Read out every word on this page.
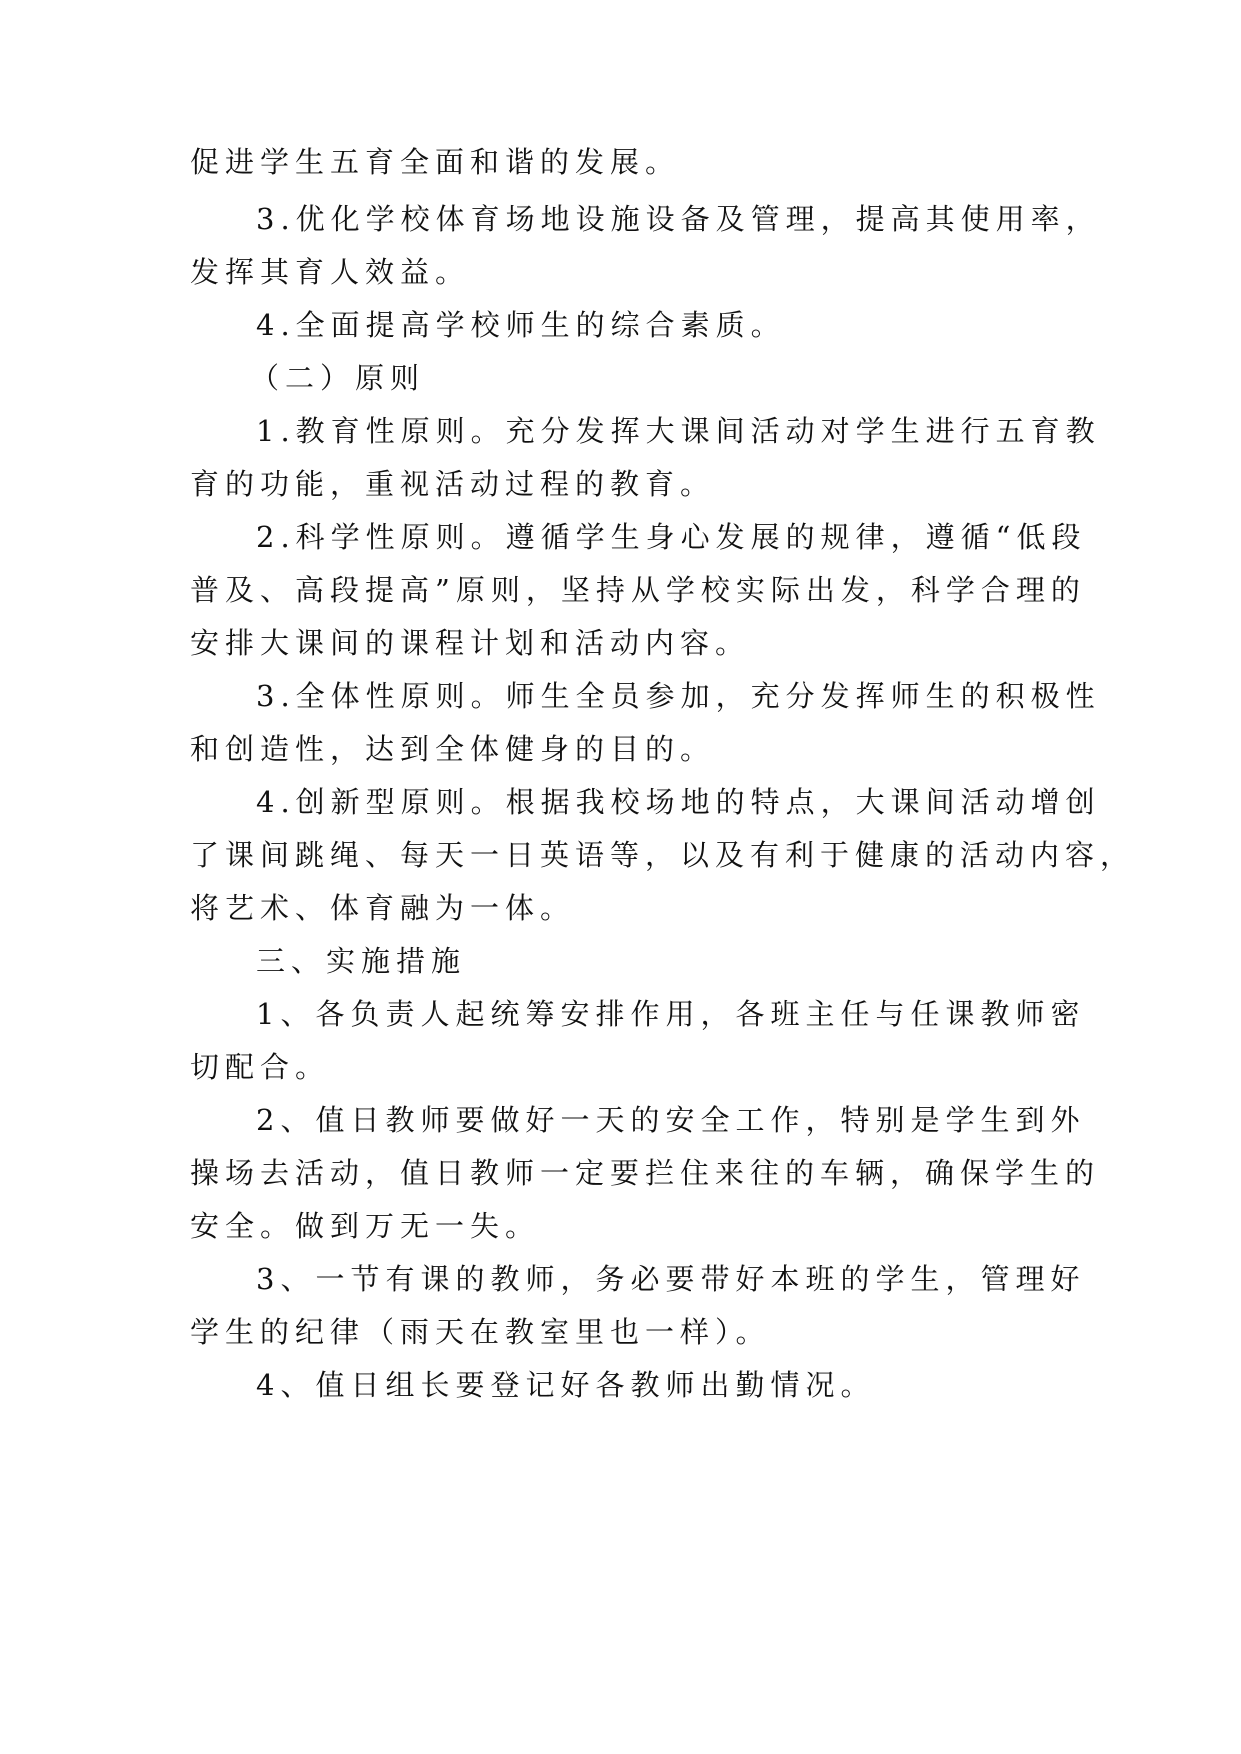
促进学生五育全面和谐的发展。
3.优化学校体育场地设施设备及管理，提高其使用率，
发挥其育人效益。
4.全面提高学校师生的综合素质。
（二）原则
1.教育性原则。充分发挥大课间活动对学生进行五育教
育的功能，重视活动过程的教育。
2.科学性原则。遵循学生身心发展的规律，遵循“低段
普及、高段提高”原则，坚持从学校实际出发，科学合理的
安排大课间的课程计划和活动内容。
3.全体性原则。师生全员参加，充分发挥师生的积极性
和创造性，达到全体健身的目的。
4.创新型原则。根据我校场地的特点，大课间活动增创
了课间跳绳、每天一日英语等，以及有利于健康的活动内容，
将艺术、体育融为一体。
三、实施措施
1、各负责人起统筹安排作用，各班主任与任课教师密
切配合。
2、值日教师要做好一天的安全工作，特别是学生到外
操场去活动，值日教师一定要拦住来往的车辆，确保学生的
安全。做到万无一失。
3、一节有课的教师，务必要带好本班的学生，管理好
学生的纪律（雨天在教室里也一样）。
4、值日组长要登记好各教师出勤情况。
